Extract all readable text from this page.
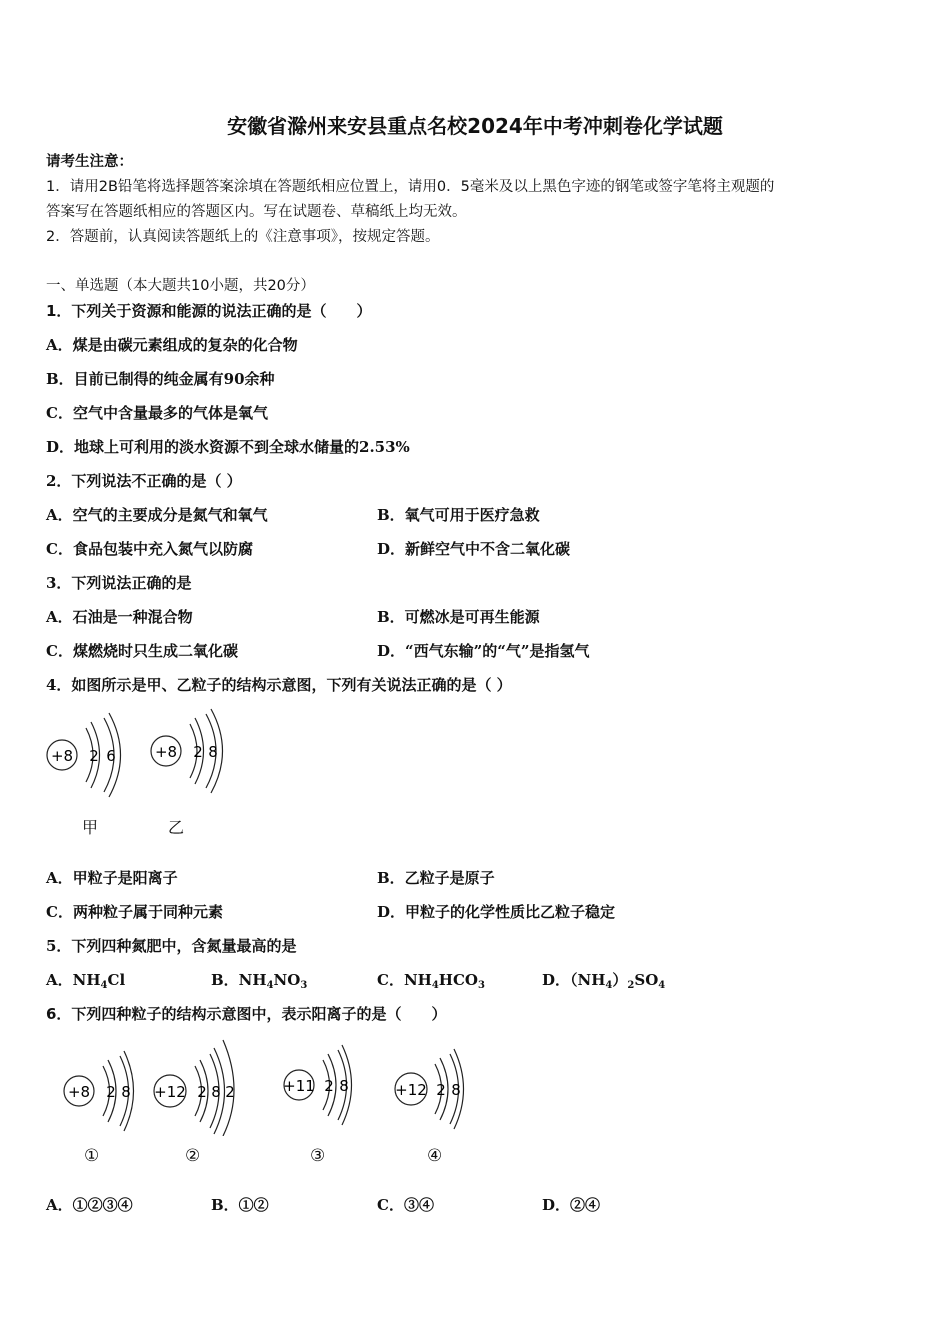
安徽省滁州来安县重点名校2024年中考冲刺卷化学试题
请考生注意：
1．请用2B铅笔将选择题答案涂填在答题纸相应位置上，请用0．5毫米及以上黑色字迹的钢笔或签字笔将主观题的
答案写在答题纸相应的答题区内。写在试题卷、草稿纸上均无效。
2．答题前，认真阅读答题纸上的《注意事项》，按规定答题。
一、单选题（本大题共10小题，共20分）
1．下列关于资源和能源的说法正确的是（　　）
A．煤是由碳元素组成的复杂的化合物
B．目前已制得的纯金属有90余种
C．空气中含量最多的气体是氧气
D．地球上可利用的淡水资源不到全球水储量的2.53%
2．下列说法不正确的是（ ）
A．空气的主要成分是氮气和氧气	B．氧气可用于医疗急救
C．食品包装中充入氮气以防腐	D．新鲜空气中不含二氧化碳
3．下列说法正确的是
A．石油是一种混合物	B．可燃冰是可再生能源
C．煤燃烧时只生成二氧化碳	D．“西气东输”的“气”是指氢气
4．如图所示是甲、乙粒子的结构示意图，下列有关说法正确的是（ ）
+8 2 6
甲
+8 2 8
乙
A．甲粒子是阳离子	B．乙粒子是原子
C．两种粒子属于同种元素	D．甲粒子的化学性质比乙粒子稳定
5．下列四种氮肥中，含氮量最高的是
A．$NH_4Cl$	B．$NH_4NO_3$	C．$NH_4HCO_3$	D．$(NH_4)_2SO_4$
6．下列四种粒子的结构示意图中，表示阳离子的是（　　）
+8 2 8
①
+12 2 8 2
②
+11 2 8
③
+12 2 8
④
A．①②③④	B．①②	C．③④	D．②④
